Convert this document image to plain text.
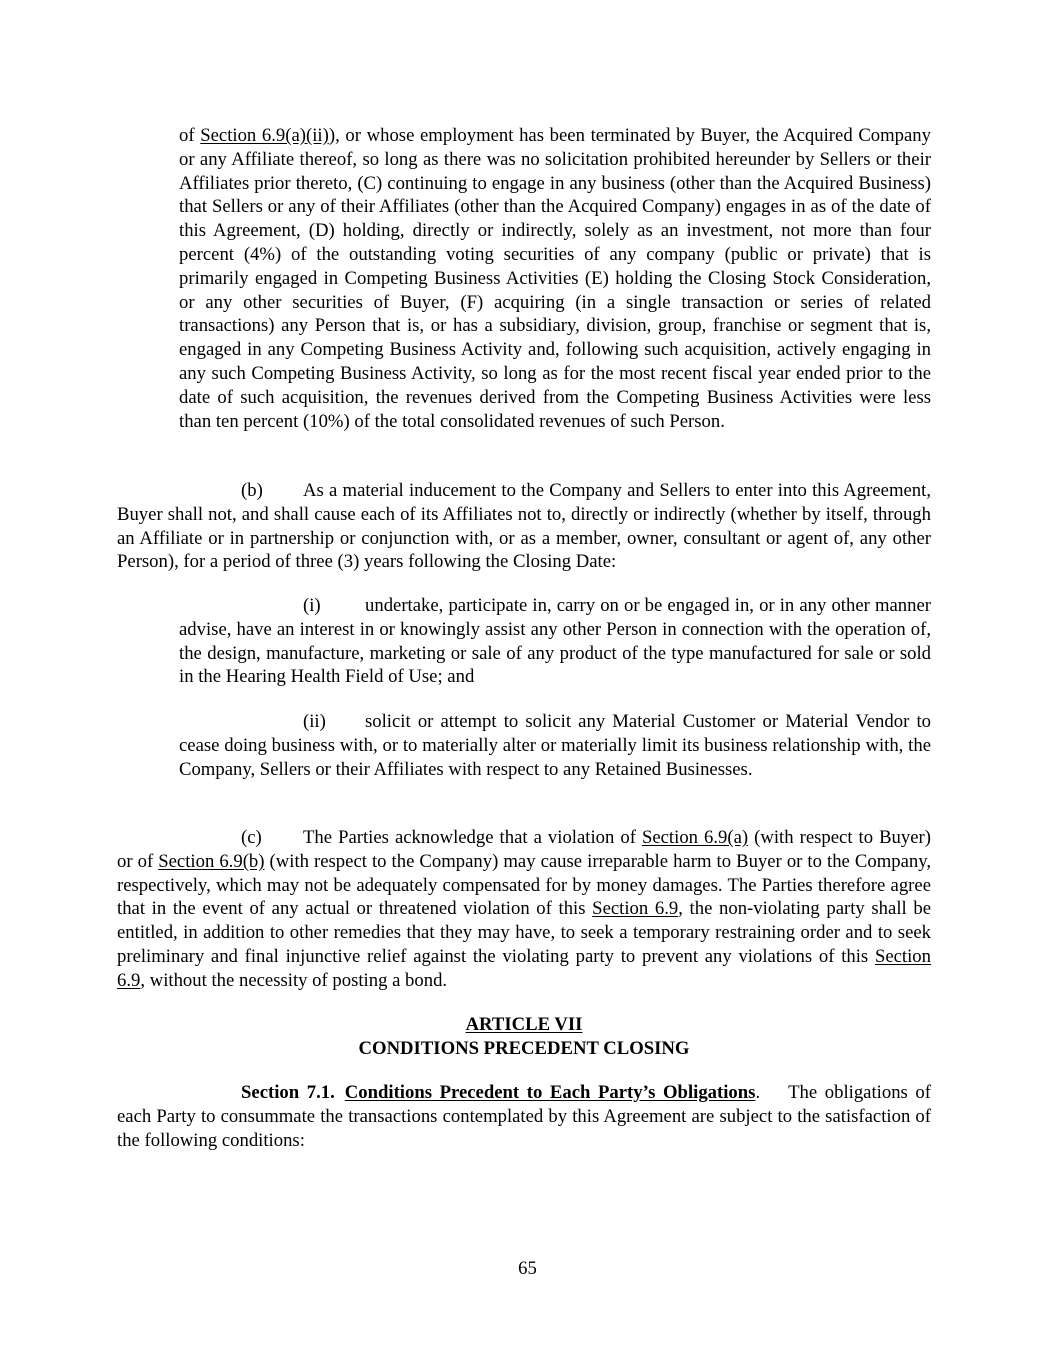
of Section 6.9(a)(ii)), or whose employment has been terminated by Buyer, the Acquired Company or any Affiliate thereof, so long as there was no solicitation prohibited hereunder by Sellers or their Affiliates prior thereto, (C) continuing to engage in any business (other than the Acquired Business) that Sellers or any of their Affiliates (other than the Acquired Company) engages in as of the date of this Agreement, (D) holding, directly or indirectly, solely as an investment, not more than four percent (4%) of the outstanding voting securities of any company (public or private) that is primarily engaged in Competing Business Activities (E) holding the Closing Stock Consideration, or any other securities of Buyer, (F) acquiring (in a single transaction or series of related transactions) any Person that is, or has a subsidiary, division, group, franchise or segment that is, engaged in any Competing Business Activity and, following such acquisition, actively engaging in any such Competing Business Activity, so long as for the most recent fiscal year ended prior to the date of such acquisition, the revenues derived from the Competing Business Activities were less than ten percent (10%) of the total consolidated revenues of such Person.

(b) As a material inducement to the Company and Sellers to enter into this Agreement, Buyer shall not, and shall cause each of its Affiliates not to, directly or indirectly (whether by itself, through an Affiliate or in partnership or conjunction with, or as a member, owner, consultant or agent of, any other Person), for a period of three (3) years following the Closing Date:

(i) undertake, participate in, carry on or be engaged in, or in any other manner advise, have an interest in or knowingly assist any other Person in connection with the operation of, the design, manufacture, marketing or sale of any product of the type manufactured for sale or sold in the Hearing Health Field of Use; and

(ii) solicit or attempt to solicit any Material Customer or Material Vendor to cease doing business with, or to materially alter or materially limit its business relationship with, the Company, Sellers or their Affiliates with respect to any Retained Businesses.

(c) The Parties acknowledge that a violation of Section 6.9(a) (with respect to Buyer) or of Section 6.9(b) (with respect to the Company) may cause irreparable harm to Buyer or to the Company, respectively, which may not be adequately compensated for by money damages. The Parties therefore agree that in the event of any actual or threatened violation of this Section 6.9, the non-violating party shall be entitled, in addition to other remedies that they may have, to seek a temporary restraining order and to seek preliminary and final injunctive relief against the violating party to prevent any violations of this Section 6.9, without the necessity of posting a bond.

ARTICLE VII

CONDITIONS PRECEDENT CLOSING

Section 7.1. Conditions Precedent to Each Party’s Obligations. The obligations of each Party to consummate the transactions contemplated by this Agreement are subject to the satisfaction of the following conditions:

65
